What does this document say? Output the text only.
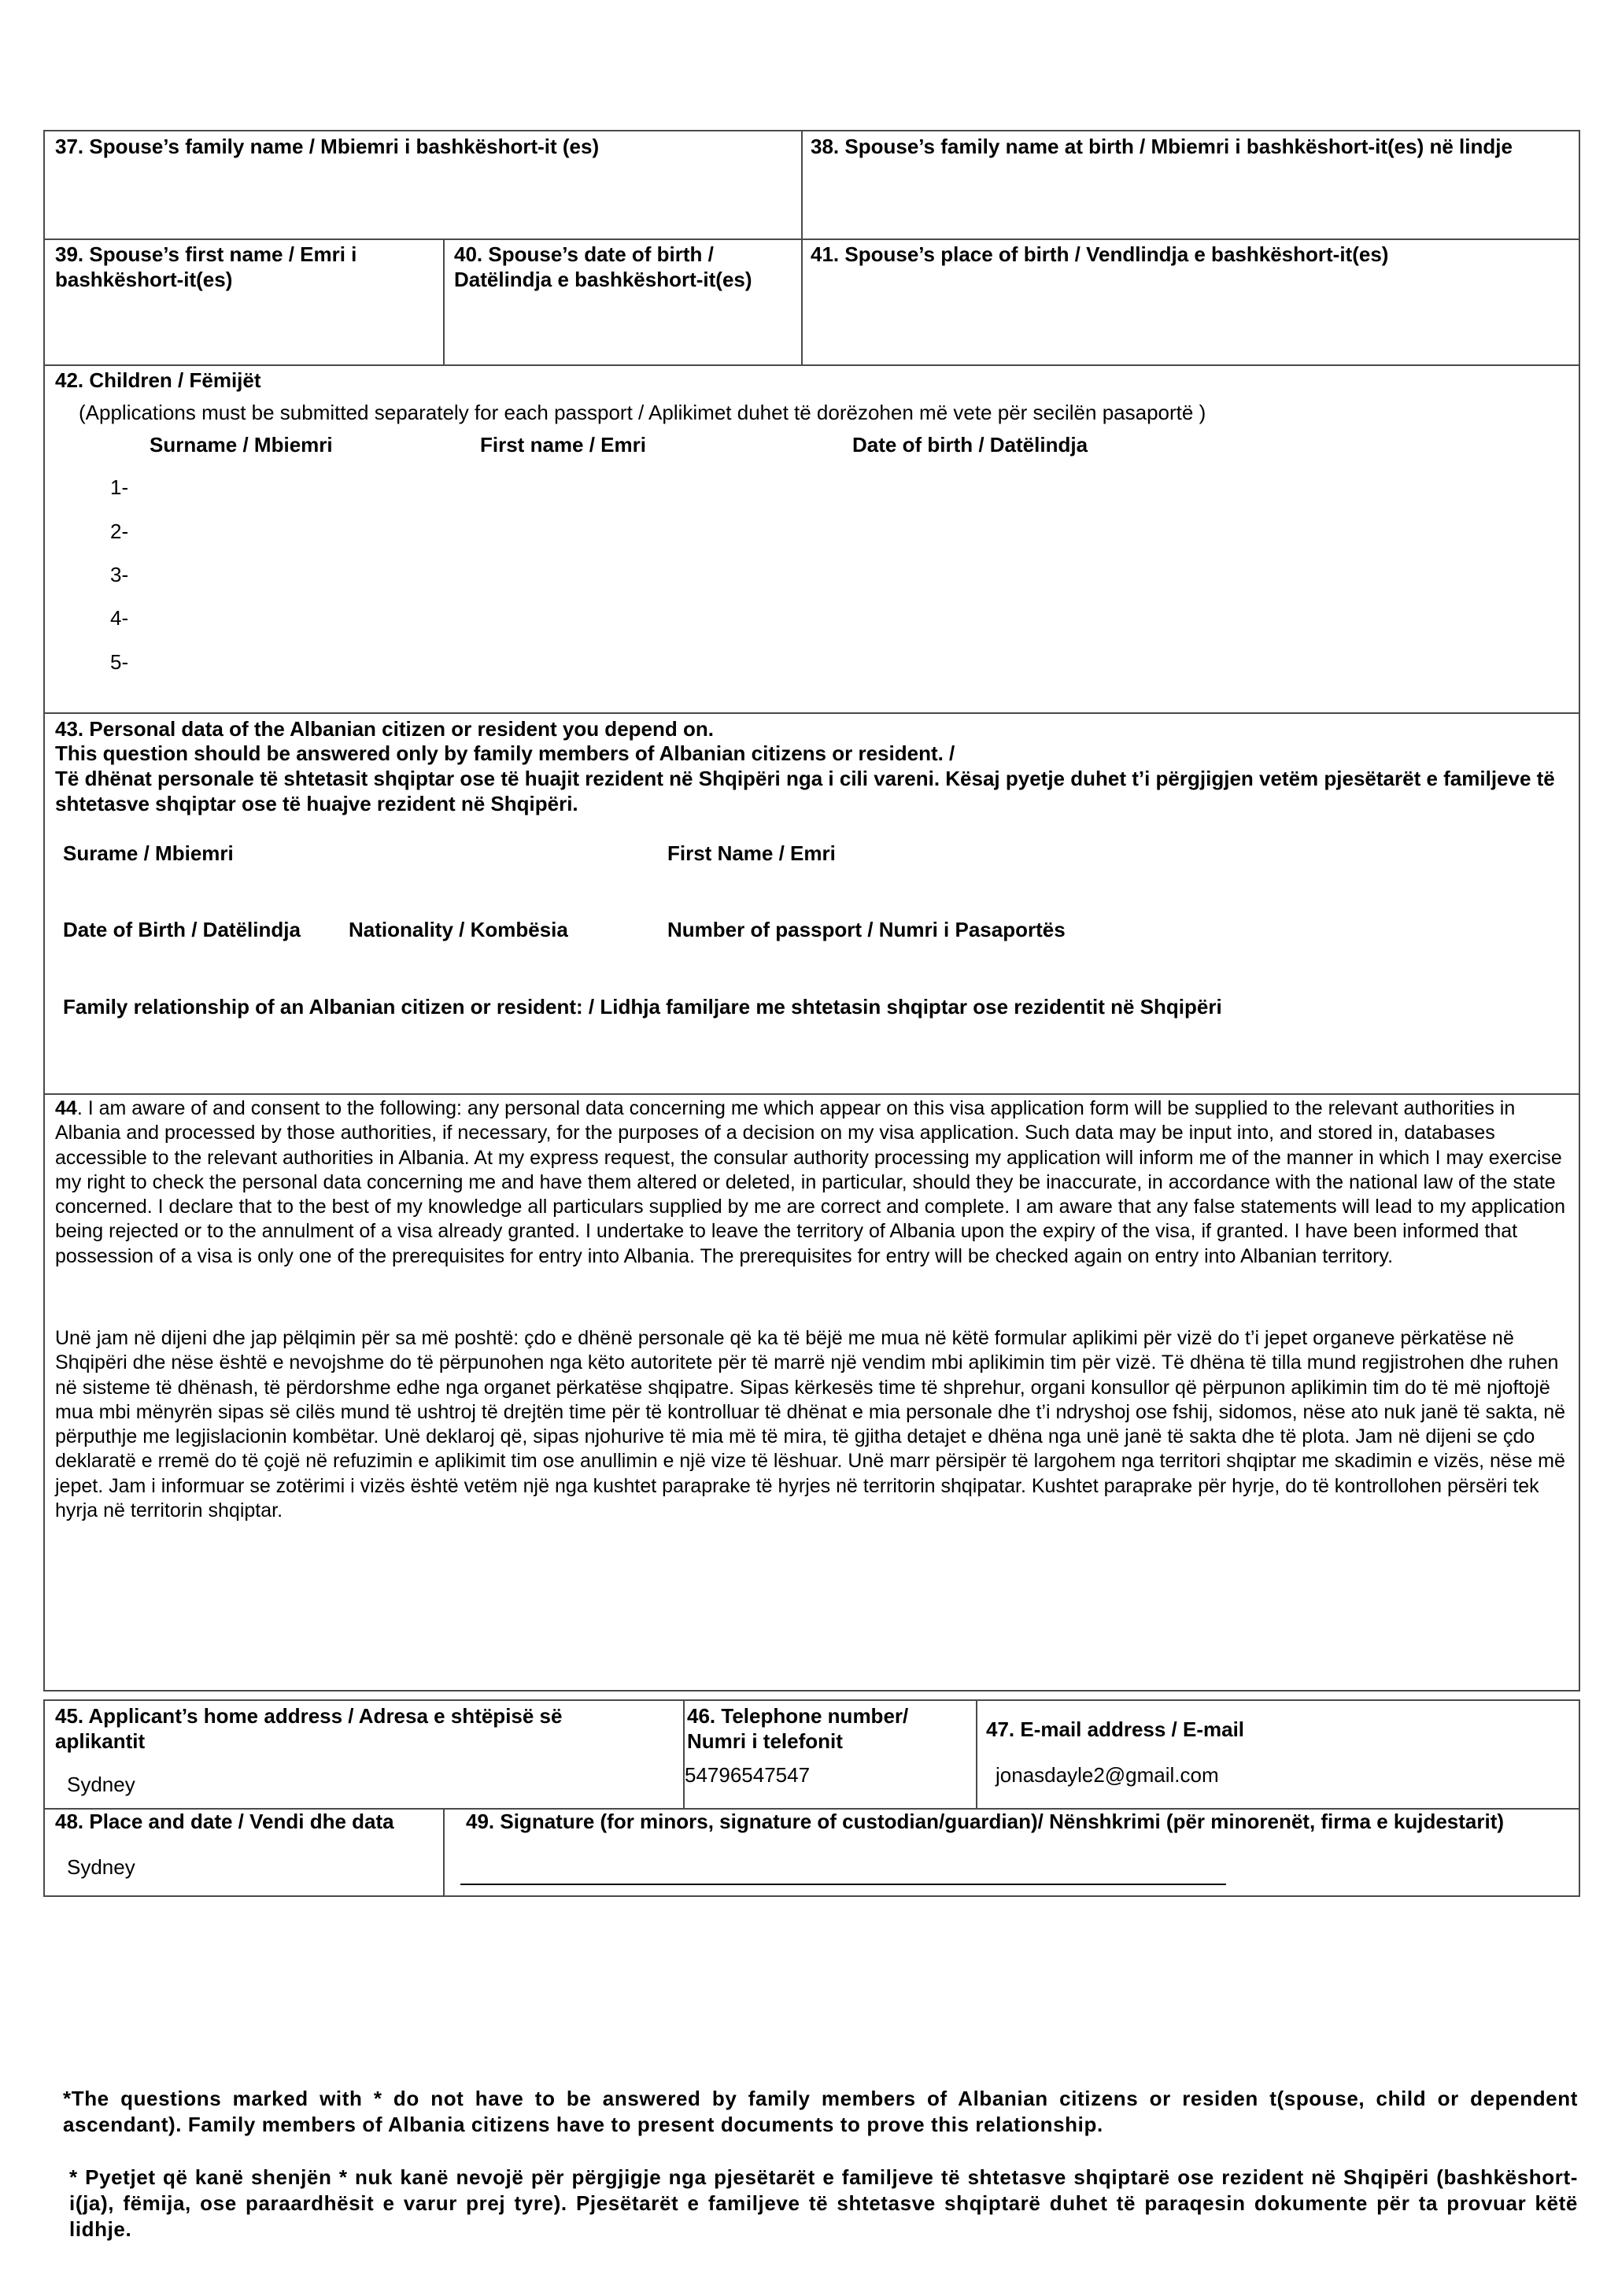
37. Spouse’s family name / Mbiemri i bashkëshort-it (es)	38. Spouse’s family name at birth / Mbiemri i bashkëshort-it(es) në lindje
39. Spouse’s first name / Emri i bashkëshort-it(es)
40. Spouse’s date of birth / Datëlindja e bashkëshort-it(es)
41. Spouse’s place of birth / Vendlindja e bashkëshort-it(es)
42. Children / Fëmijët
(Applications must be submitted separately for each passport / Aplikimet duhet të dorëzohen më vete për secilën pasaportë )
Surname / Mbiemri	First name / Emri	Date of birth / Datëlindja
1-
2-
3-
4-
5-
43. Personal data of the Albanian citizen or resident you depend on.
This question should be answered only by family members of Albanian citizens or resident. /
Të dhënat personale të shtetasit shqiptar ose të huajit rezident në Shqipëri nga i cili vareni. Kësaj pyetje duhet t’i përgjigjen vetëm pjesëtarët e familjeve të shtetasve shqiptar ose të huajve rezident në Shqipëri.
Surame / Mbiemri	First Name / Emri
Date of Birth / Datëlindja Nationality / Kombësia	Number of passport / Numri i Pasaportës
Family relationship of an Albanian citizen or resident: / Lidhja familjare me shtetasin shqiptar ose rezidentit në Shqipëri
44. I am aware of and consent to the following: any personal data concerning me which appear on this visa application form will be supplied to the relevant authorities in Albania and processed by those authorities, if necessary, for the purposes of a decision on my visa application. Such data may be input into, and stored in, databases accessible to the relevant authorities in Albania. At my express request, the consular authority processing my application will inform me of the manner in which I may exercise my right to check the personal data concerning me and have them altered or deleted, in particular, should they be inaccurate, in accordance with the national law of the state concerned. I declare that to the best of my knowledge all particulars supplied by me are correct and complete. I am aware that any false statements will lead to my application being rejected or to the annulment of a visa already granted. I undertake to leave the territory of Albania upon the expiry of the visa, if granted. I have been informed that possession of a visa is only one of the prerequisites for entry into Albania. The prerequisites for entry will be checked again on entry into Albanian territory.
Unë jam në dijeni dhe jap pëlqimin për sa më poshtë: çdo e dhënë personale që ka të bëjë me mua në këtë formular aplikimi për vizë do t’i jepet organeve përkatëse në Shqipëri dhe nëse është e nevojshme do të përpunohen nga këto autoritete për të marrë një vendim mbi aplikimin tim për vizë. Të dhëna të tilla mund regjistrohen dhe ruhen në sisteme të dhënash, të përdorshme edhe nga organet përkatëse shqipatre. Sipas kërkesës time të shprehur, organi konsullor që përpunon aplikimin tim do të më njoftojë mua mbi mënyrën sipas së cilës mund të ushtroj të drejtën time për të kontrolluar të dhënat e mia personale dhe t’i ndryshoj ose fshij, sidomos, nëse ato nuk janë të sakta, në përputhje me legjislacionin kombëtar. Unë deklaroj që, sipas njohurive të mia më të mira, të gjitha detajet e dhëna nga unë janë të sakta dhe të plota. Jam në dijeni se çdo deklaratë e rremë do të çojë në refuzimin e aplikimit tim ose anullimin e një vize të lëshuar. Unë marr përsipër të largohem nga territori shqiptar me skadimin e vizës, nëse më jepet. Jam i informuar se zotërimi i vizës është vetëm një nga kushtet paraprake të hyrjes në territorin shqipatar. Kushtet paraprake për hyrje, do të kontrollohen përsëri tek hyrja në territorin shqiptar.
45. Applicant’s home address / Adresa e shtëpisë së aplikantit
Sydney
46. Telephone number/ Numri i telefonit
54796547547
47. E-mail address / E-mail
jonasdayle2@gmail.com
48. Place and date / Vendi dhe data
Sydney
49. Signature (for minors, signature of custodian/guardian)/ Nënshkrimi (për minorenët, firma e kujdestarit)
*The questions marked with * do not have to be answered by family members of Albanian citizens or residen t(spouse, child or dependent ascendant). Family members of Albania citizens have to present documents to prove this relationship.
* Pyetjet që kanë shenjën * nuk kanë nevojë për përgjigje nga pjesëtarët e familjeve të shtetasve shqiptarë ose rezident në Shqipëri (bashkëshort-i(ja), fëmija, ose paraardhësit e varur prej tyre). Pjesëtarët e familjeve të shtetasve shqiptarë duhet të paraqesin dokumente për ta provuar këtë lidhje.
